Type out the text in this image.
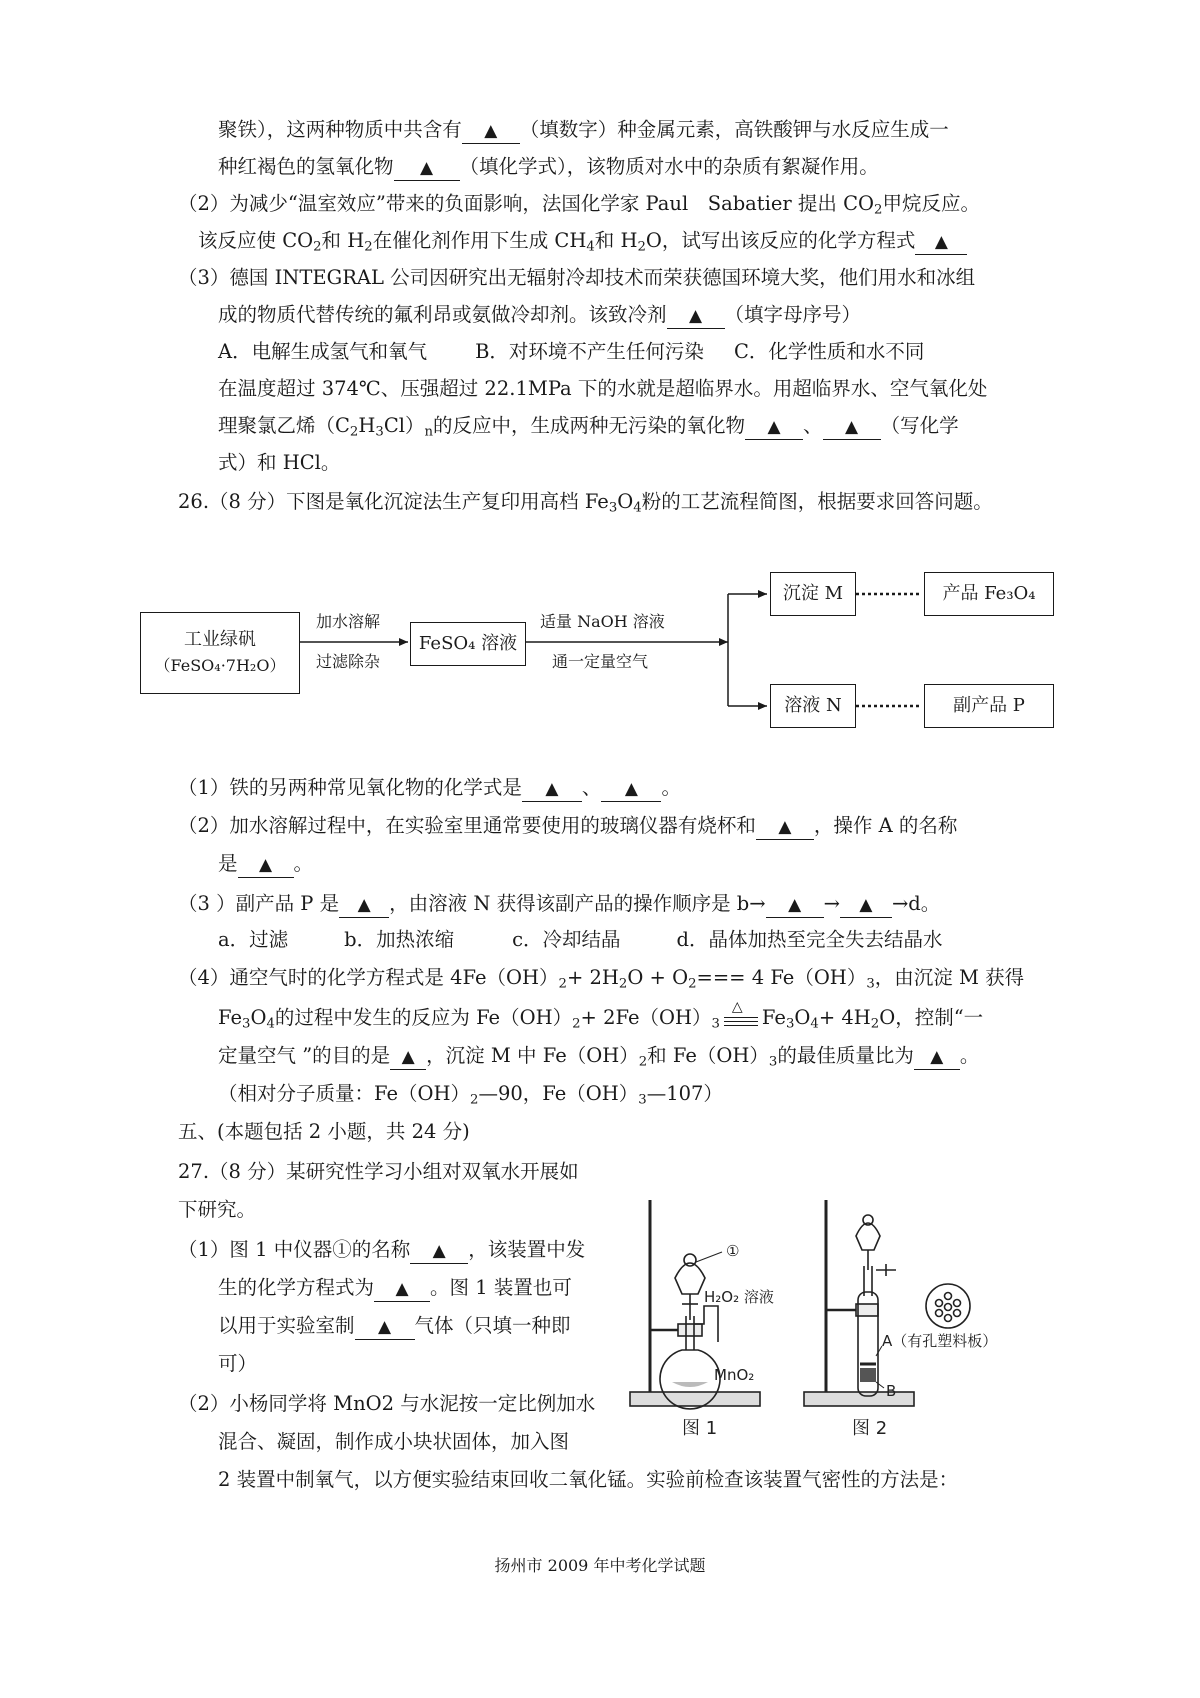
聚铁），这两种物质中共含有 ▲ （填数字）种金属元素，高铁酸钾与水反应生成一
种红褐色的氢氧化物 ▲ （填化学式），该物质对水中的杂质有絮凝作用。
（2）为减少“温室效应”带来的负面影响，法国化学家 Paul　Sabatier 提出 $CO_2$甲烷反应。
该反应使 $CO_2$和 $H_2$在催化剂作用下生成 $CH_4$和 $H_2O$，试写出该反应的化学方程式 ▲
（3）德国 INTEGRAL 公司因研究出无辐射冷却技术而荣获德国环境大奖，他们用水和冰组
成的物质代替传统的氟利昂或氨做冷却剂。该致冷剂 ▲ （填字母序号）
A．电解生成氢气和氧气 B．对环境不产生任何污染 C．化学性质和水不同
在温度超过 374℃、压强超过 22.1MPa 下的水就是超临界水。用超临界水、空气氧化处
理聚氯乙烯$(C_2H_3Cl)_n$的反应中，生成两种无污染的氧化物 ▲ 、 ▲ （写化学
式）和 HCl。
26.（8 分）下图是氧化沉淀法生产复印用高档 $Fe_3O_4$粉的工艺流程简图，根据要求回答问题。
工业绿矾
（FeSO₄·7H₂O）
加水溶解
过滤除杂
FeSO₄ 溶液
适量 NaOH 溶液
通一定量空气
沉淀 M	产品 Fe₃O₄
溶液 N	副产品 P
（1）铁的另两种常见氧化物的化学式是 ▲ 、 ▲ 。
（2）加水溶解过程中，在实验室里通常要使用的玻璃仪器有烧杯和 ▲ ，操作 A 的名称
是 ▲ 。
（3 ）副产品 P 是 ▲ ，由溶液 N 获得该副产品的操作顺序是 b→ ▲ → ▲ →d。
a．过滤	b．加热浓缩	c．冷却结晶	d．晶体加热至完全失去结晶水
（4）通空气时的化学方程式是 $4Fe(OH)_2+ 2H_2O + O_2=== 4$ $Fe(OH)_3$，由沉淀 M 获得
$Fe_3O_4$的过程中发生的反应为 $Fe(OH)_2+ 2Fe(OH)_3$
△ $Fe_3O_4+ 4H_2O$，控制“一
定量空气 ”的目的是 ▲ ，沉淀 M 中 $Fe(OH)_2$和 $Fe(OH)_3$的最佳质量比为 ▲ 。
（相对分子质量：$Fe(OH)_2—90$，$Fe(OH)_3—107$）
五、(本题包括 2 小题，共 24 分)
27.（8 分）某研究性学习小组对双氧水开展如
下研究。
（1）图 1 中仪器①的名称 ▲ ，该装置中发
生的化学方程式为 ▲ 。图 1 装置也可
以用于实验室制 ▲ 气体（只填一种即
可）
（2）小杨同学将 MnO2 与水泥按一定比例加水
混合、凝固，制作成小块状固体，加入图
2 装置中制氧气，以方便实验结束回收二氧化锰。实验前检查该装置气密性的方法是：
①
H₂O₂ 溶液
MnO₂
图 1
A（有孔塑料板）
B
图 2
扬州市 2009 年中考化学试题
